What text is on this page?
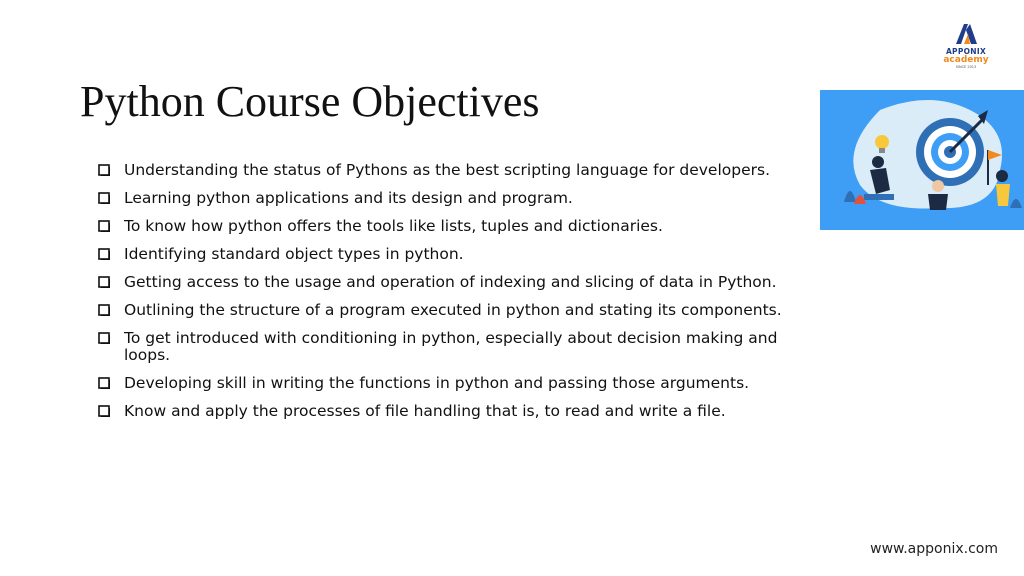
APPONIX
academy
SINCE 2013
Python Course Objectives
Understanding the status of Pythons as the best scripting language for developers.
Learning python applications and its design and program.
To know how python offers the tools like lists, tuples and dictionaries.
Identifying standard object types in python.
Getting access to the usage and operation of indexing and slicing of data in Python.
Outlining the structure of a program executed in python and stating its components.
To get introduced with conditioning in python, especially about decision making and loops.
Developing skill in writing the functions in python and passing those arguments.
Know and apply the processes of file handling that is, to read and write a file.
www.apponix.com
